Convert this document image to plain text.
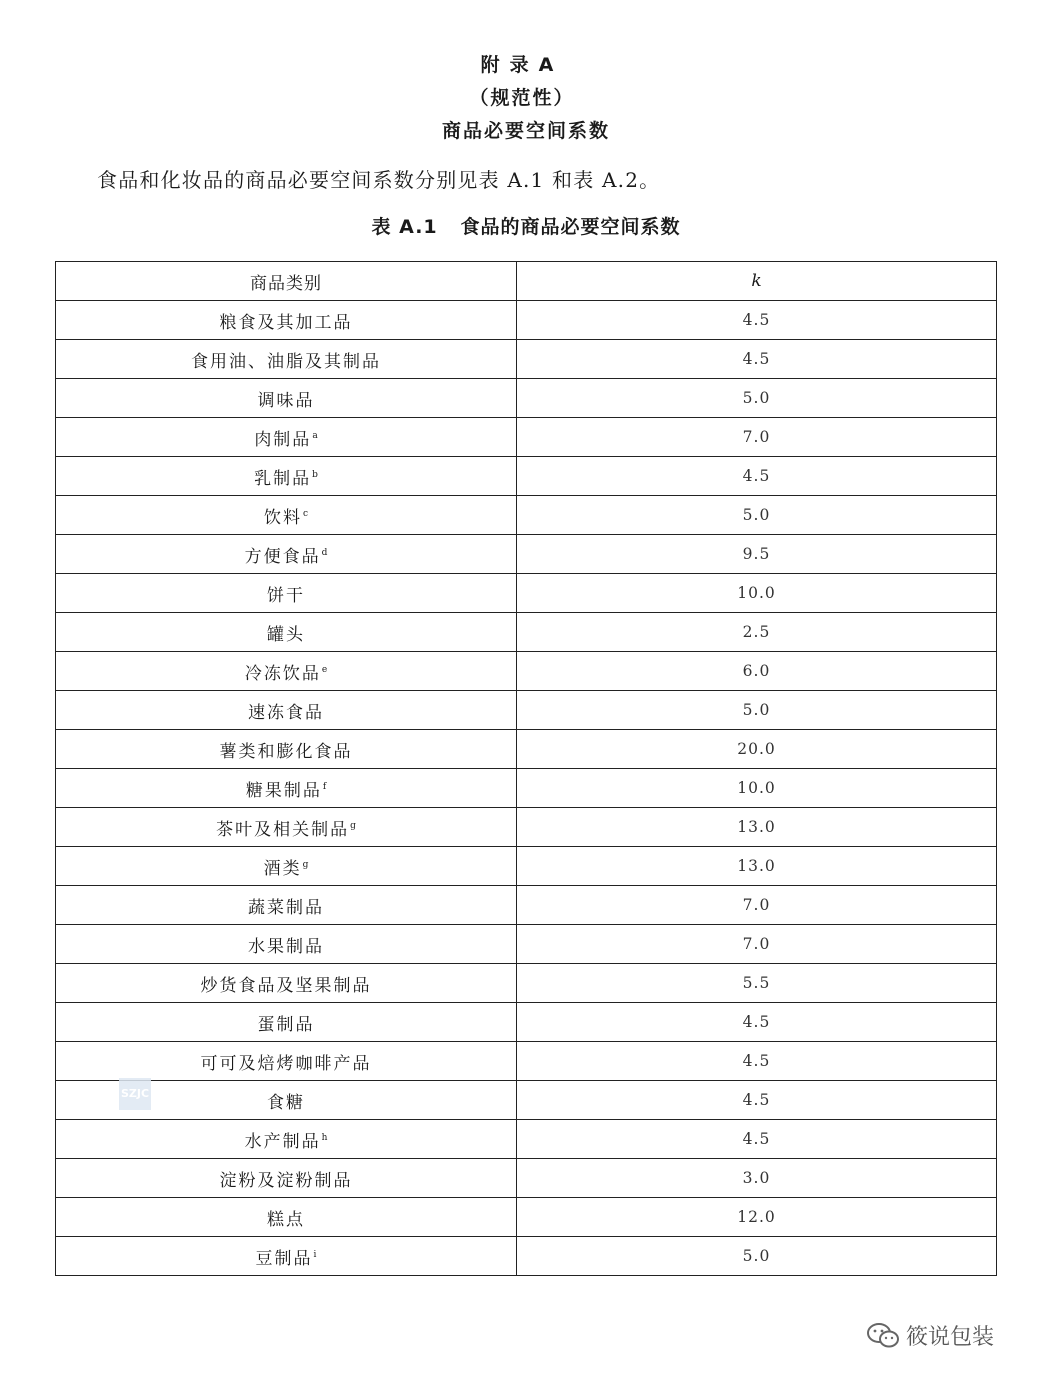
附录A
（规范性）
商品必要空间系数
食品和化妆品的商品必要空间系数分别见表 A.1 和表 A.2。
表 A.1   食品的商品必要空间系数
商品类别	k
粮食及其加工品	4.5
食用油、油脂及其制品	4.5
调味品	5.0
肉制品$^a$	7.0
乳制品$^b$	4.5
饮料$^c$	5.0
方便食品$^d$	9.5
饼干	10.0
罐头	2.5
冷冻饮品$^e$	6.0
速冻食品	5.0
薯类和膨化食品	20.0
糖果制品$^f$	10.0
茶叶及相关制品$^g$	13.0
酒类$^g$	13.0
蔬菜制品	7.0
水果制品	7.0
炒货食品及坚果制品	5.5
蛋制品	4.5
可可及焙烤咖啡产品	4.5
食糖	4.5
水产制品$^h$	4.5
淀粉及淀粉制品	3.0
糕点	12.0
豆制品$^i$	5.0
SZJC
筱说包装
